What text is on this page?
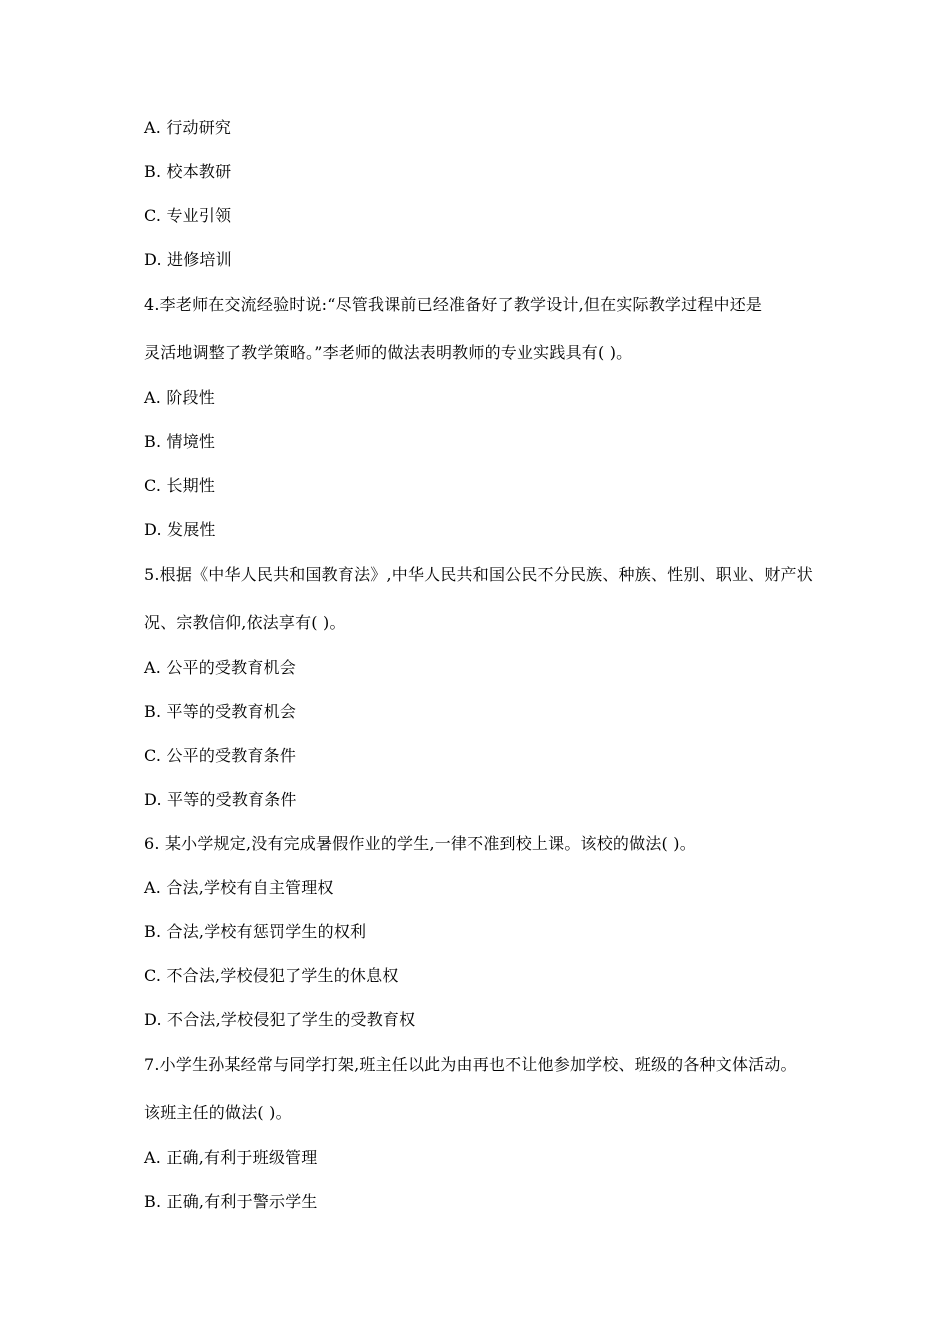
A. 行动研究
B. 校本教研
C. 专业引领
D. 进修培训
4.李老师在交流经验时说:“尽管我课前已经准备好了教学设计,但在实际教学过程中还是
灵活地调整了教学策略。”李老师的做法表明教师的专业实践具有( )。
A. 阶段性
B. 情境性
C. 长期性
D. 发展性
5.根据《中华人民共和国教育法》,中华人民共和国公民不分民族、种族、性别、职业、财产状
况、宗教信仰,依法享有( )。
A. 公平的受教育机会
B. 平等的受教育机会
C. 公平的受教育条件
D. 平等的受教育条件
6. 某小学规定,没有完成暑假作业的学生,一律不准到校上课。该校的做法( )。
A. 合法,学校有自主管理权
B. 合法,学校有惩罚学生的权利
C. 不合法,学校侵犯了学生的休息权
D. 不合法,学校侵犯了学生的受教育权
7.小学生孙某经常与同学打架,班主任以此为由再也不让他参加学校、班级的各种文体活动。
该班主任的做法( )。
A. 正确,有利于班级管理
B. 正确,有利于警示学生
